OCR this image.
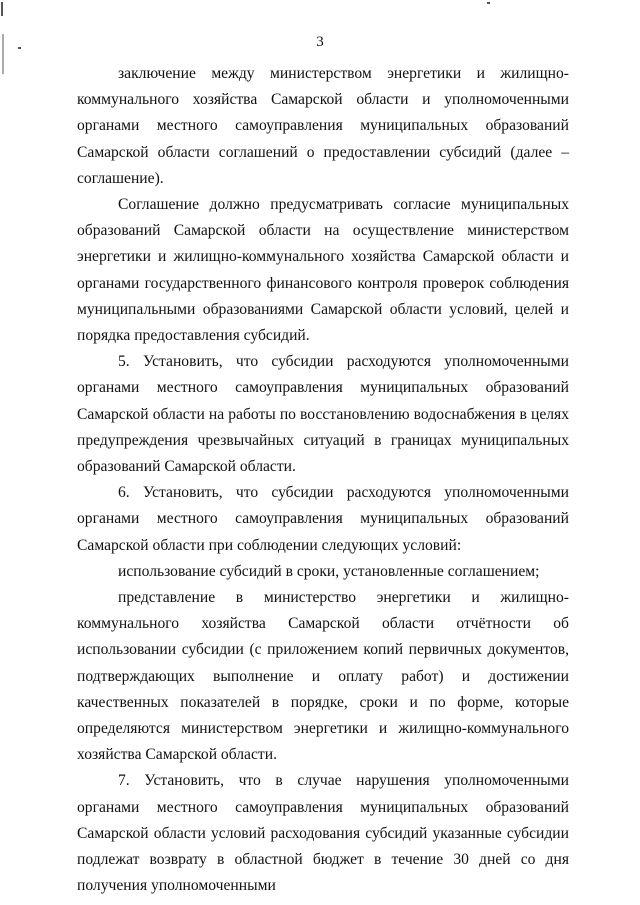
3

заключение между министерством энергетики и жилищно-коммунального хозяйства Самарской области и уполномоченными органами местного самоуправления муниципальных образований Самарской области соглашений о предоставлении субсидий (далее – соглашение).

Соглашение должно предусматривать согласие муниципальных образований Самарской области на осуществление министерством энергетики и жилищно-коммунального хозяйства Самарской области и органами государственного финансового контроля проверок соблюдения муниципальными образованиями Самарской области условий, целей и порядка предоставления субсидий.

5. Установить, что субсидии расходуются уполномоченными органами местного самоуправления муниципальных образований Самарской области на работы по восстановлению водоснабжения в целях предупреждения чрезвычайных ситуаций в границах муниципальных образований Самарской области.

6. Установить, что субсидии расходуются уполномоченными органами местного самоуправления муниципальных образований Самарской области при соблюдении следующих условий:

использование субсидий в сроки, установленные соглашением;

представление в министерство энергетики и жилищно-коммунального хозяйства Самарской области отчётности об использовании субсидии (с приложением копий первичных документов, подтверждающих выполнение и оплату работ) и достижении качественных показателей в порядке, сроки и по форме, которые определяются министерством энергетики и жилищно-коммунального хозяйства Самарской области.

7. Установить, что в случае нарушения уполномоченными органами местного самоуправления муниципальных образований Самарской области условий расходования субсидий указанные субсидии подлежат возврату в областной бюджет в течение 30 дней со дня получения уполномоченными
